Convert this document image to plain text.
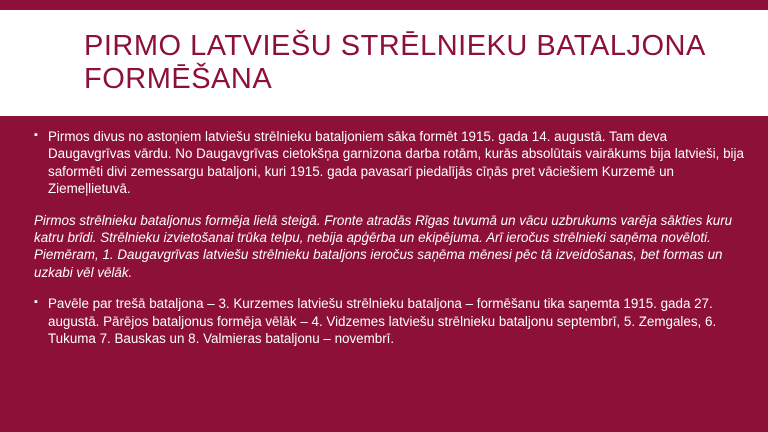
PIRMO LATVIEŠU STRĒLNIEKU BATALJONA FORMĒŠANA
▪ Pirmos divus no astoņiem latviešu strēlnieku bataljoniem sāka formēt 1915. gada 14. augustā. Tam deva Daugavgrīvas vārdu. No Daugavgrīvas cietokšņa garnizona darba rotām, kurās absolūtais vairākums bija latvieši, bija saformēti divi zemessargu bataljoni, kuri 1915. gada pavasarī piedalījās cīņās pret vāciešiem Kurzemē un Ziemeļlietuvā.
Pirmos strēlnieku bataljonus formēja lielā steigā. Fronte atradās Rīgas tuvumā un vācu uzbrukums varēja sākties kuru katru brīdi. Strēlnieku izvietošanai trūka telpu, nebija apģērba un ekipējuma. Arī ieročus strēlnieki saņēma novēloti. Piemēram, 1. Daugavgrīvas latviešu strēlnieku bataljons ieročus saņēma mēnesi pēc tā izveidošanas, bet formas un uzkabi vēl vēlāk.
▪ Pavēle par trešā bataljona – 3. Kurzemes latviešu strēlnieku bataljona – formēšanu tika saņemta 1915. gada 27. augustā. Pārējos bataljonus formēja vēlāk – 4. Vidzemes latviešu strēlnieku bataljonu septembrī, 5. Zemgales, 6. Tukuma 7. Bauskas un 8. Valmieras bataljonu – novembrī.
